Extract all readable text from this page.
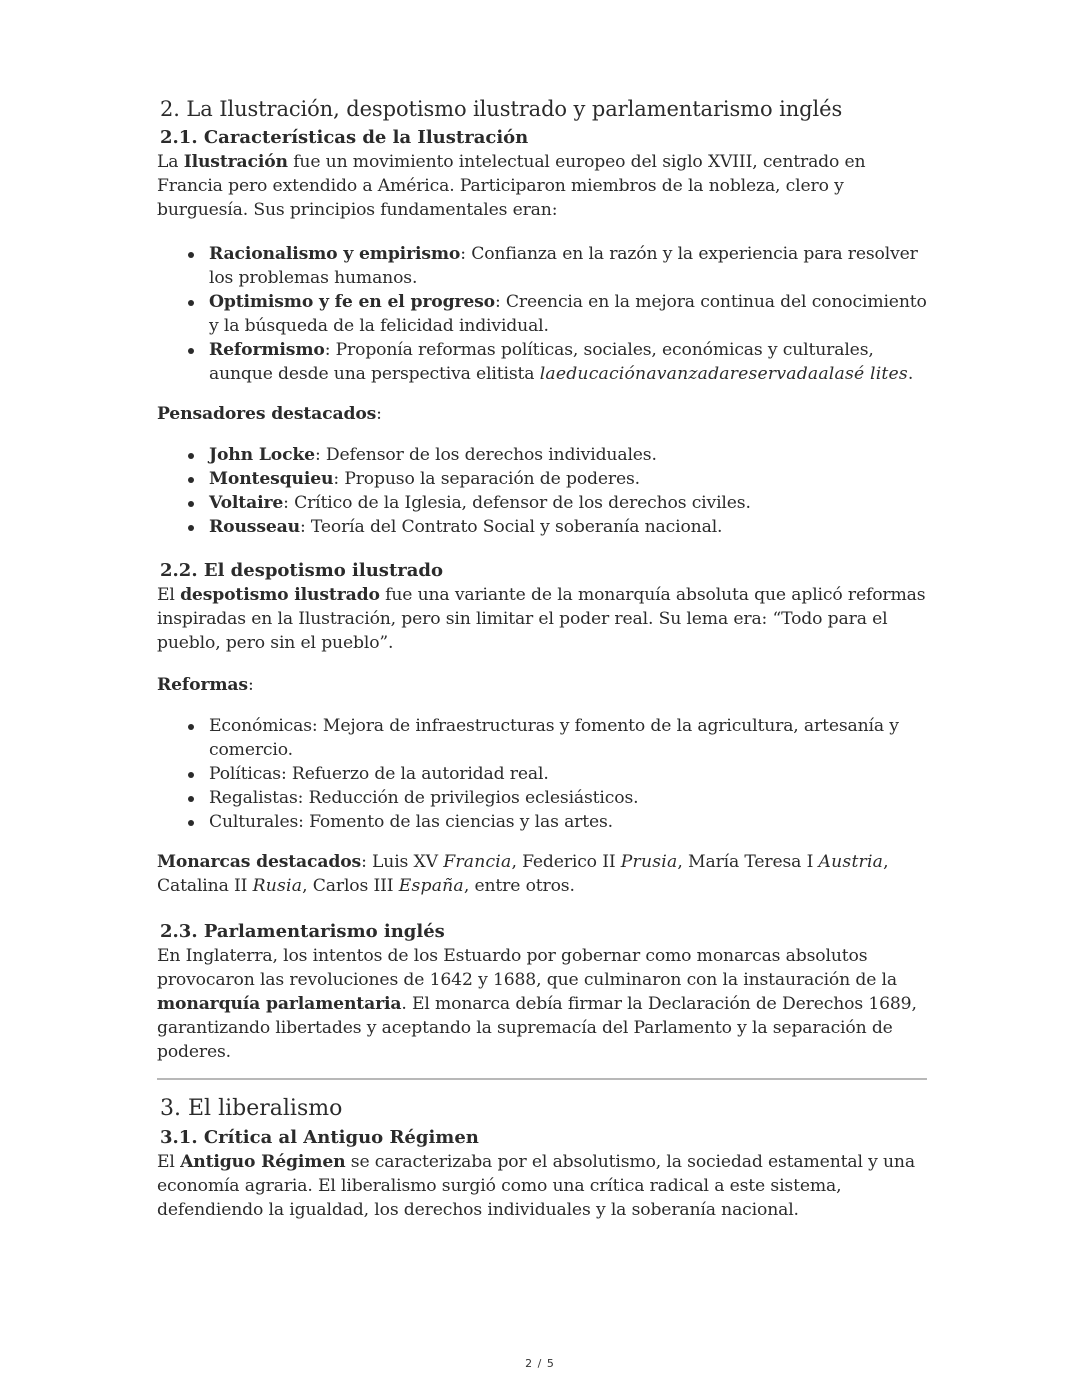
2. La Ilustración, despotismo ilustrado y parlamentarismo inglés
2.1. Características de la Ilustración

La Ilustración fue un movimiento intelectual europeo del siglo XVIII, centrado en Francia pero extendido a América. Participaron miembros de la nobleza, clero y burguesía. Sus principios fundamentales eran:

Racionalismo y empirismo: Confianza en la razón y la experiencia para resolver los problemas humanos.
Optimismo y fe en el progreso: Creencia en la mejora continua del conocimiento y la búsqueda de la felicidad individual.
Reformismo: Proponía reformas políticas, sociales, económicas y culturales, aunque desde una perspectiva elitista laeducaciónavanzadareservadaalasé lites.

Pensadores destacados:

John Locke: Defensor de los derechos individuales.
Montesquieu: Propuso la separación de poderes.
Voltaire: Crítico de la Iglesia, defensor de los derechos civiles.
Rousseau: Teoría del Contrato Social y soberanía nacional.
2.2. El despotismo ilustrado

El despotismo ilustrado fue una variante de la monarquía absoluta que aplicó reformas inspiradas en la Ilustración, pero sin limitar el poder real. Su lema era: “Todo para el pueblo, pero sin el pueblo”.

Reformas:

Económicas: Mejora de infraestructuras y fomento de la agricultura, artesanía y comercio.
Políticas: Refuerzo de la autoridad real.
Regalistas: Reducción de privilegios eclesiásticos.
Culturales: Fomento de las ciencias y las artes.

Monarcas destacados: Luis XV Francia, Federico II Prusia, María Teresa I Austria, Catalina II Rusia, Carlos III España, entre otros.

2.3. Parlamentarismo inglés

En Inglaterra, los intentos de los Estuardo por gobernar como monarcas absolutos provocaron las revoluciones de 1642 y 1688, que culminaron con la instauración de la monarquía parlamentaria. El monarca debía firmar la Declaración de Derechos 1689, garantizando libertades y aceptando la supremacía del Parlamento y la separación de poderes.

3. El liberalismo
3.1. Crítica al Antiguo Régimen

El Antiguo Régimen se caracterizaba por el absolutismo, la sociedad estamental y una economía agraria. El liberalismo surgió como una crítica radical a este sistema, defendiendo la igualdad, los derechos individuales y la soberanía nacional.

2 / 5
